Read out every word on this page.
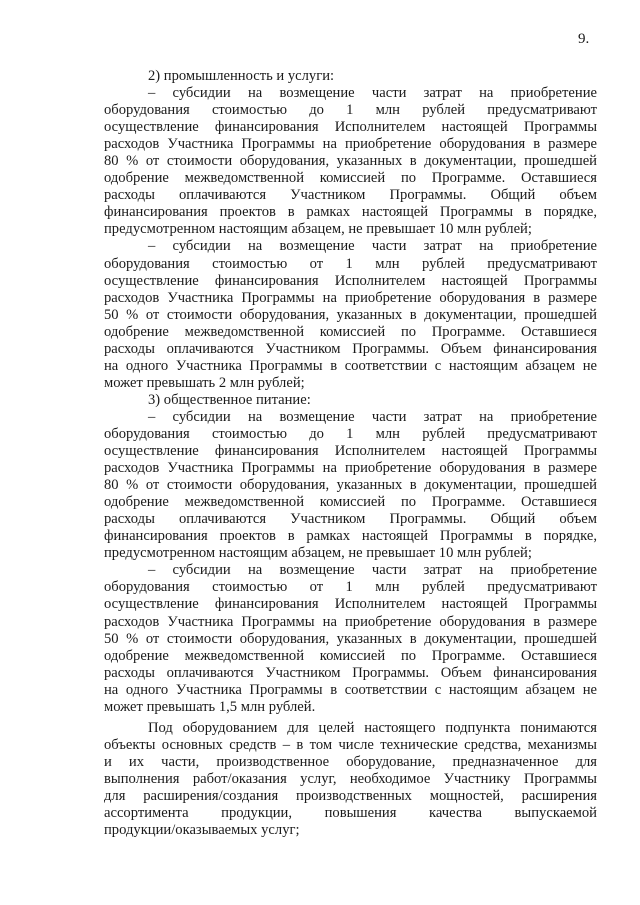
9.
2) промышленность и услуги:
– субсидии на возмещение части затрат на приобретение
оборудования стоимостью до 1 млн рублей предусматривают
осуществление финансирования Исполнителем настоящей Программы
расходов Участника Программы на приобретение оборудования в размере
80 % от стоимости оборудования, указанных в документации, прошедшей
одобрение межведомственной комиссией по Программе. Оставшиеся
расходы оплачиваются Участником Программы. Общий объем
финансирования проектов в рамках настоящей Программы в порядке,
предусмотренном настоящим абзацем, не превышает 10 млн рублей;
– субсидии на возмещение части затрат на приобретение
оборудования стоимостью от 1 млн рублей предусматривают
осуществление финансирования Исполнителем настоящей Программы
расходов Участника Программы на приобретение оборудования в размере
50 % от стоимости оборудования, указанных в документации, прошедшей
одобрение межведомственной комиссией по Программе. Оставшиеся
расходы оплачиваются Участником Программы. Объем финансирования
на одного Участника Программы в соответствии с настоящим абзацем не
может превышать 2 млн рублей;
3) общественное питание:
– субсидии на возмещение части затрат на приобретение
оборудования стоимостью до 1 млн рублей предусматривают
осуществление финансирования Исполнителем настоящей Программы
расходов Участника Программы на приобретение оборудования в размере
80 % от стоимости оборудования, указанных в документации, прошедшей
одобрение межведомственной комиссией по Программе. Оставшиеся
расходы оплачиваются Участником Программы. Общий объем
финансирования проектов в рамках настоящей Программы в порядке,
предусмотренном настоящим абзацем, не превышает 10 млн рублей;
– субсидии на возмещение части затрат на приобретение
оборудования стоимостью от 1 млн рублей предусматривают
осуществление финансирования Исполнителем настоящей Программы
расходов Участника Программы на приобретение оборудования в размере
50 % от стоимости оборудования, указанных в документации, прошедшей
одобрение межведомственной комиссией по Программе. Оставшиеся
расходы оплачиваются Участником Программы. Объем финансирования
на одного Участника Программы в соответствии с настоящим абзацем не
может превышать 1,5 млн рублей.
Под оборудованием для целей настоящего подпункта понимаются
объекты основных средств – в том числе технические средства, механизмы
и их части, производственное оборудование, предназначенное для
выполнения работ/оказания услуг, необходимое Участнику Программы
для расширения/создания производственных мощностей, расширения
ассортимента продукции, повышения качества выпускаемой
продукции/оказываемых услуг;
